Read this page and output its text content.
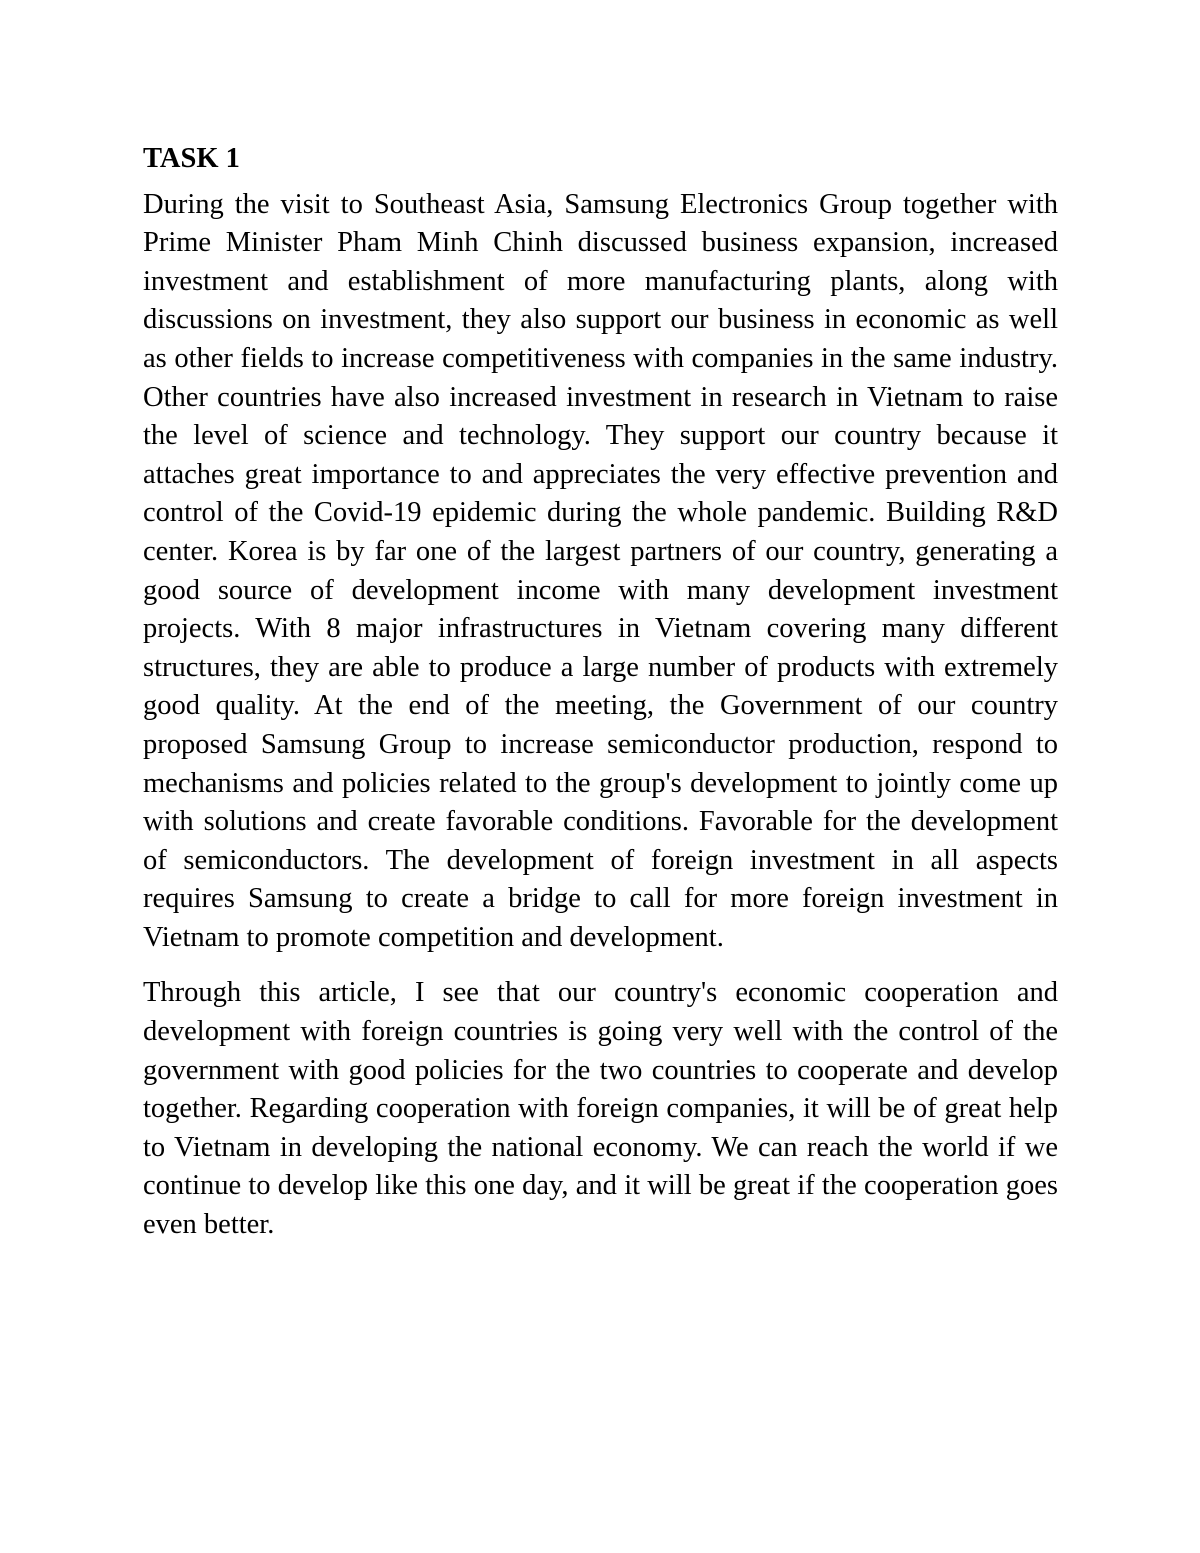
TASK 1

During the visit to Southeast Asia, Samsung Electronics Group together with Prime Minister Pham Minh Chinh discussed business expansion, increased investment and establishment of more manufacturing plants, along with discussions on investment, they also support our business in economic as well as other fields to increase competitiveness with companies in the same industry. Other countries have also increased investment in research in Vietnam to raise the level of science and technology. They support our country because it attaches great importance to and appreciates the very effective prevention and control of the Covid-19 epidemic during the whole pandemic. Building R&D center. Korea is by far one of the largest partners of our country, generating a good source of development income with many development investment projects. With 8 major infrastructures in Vietnam covering many different structures, they are able to produce a large number of products with extremely good quality. At the end of the meeting, the Government of our country proposed Samsung Group to increase semiconductor production, respond to mechanisms and policies related to the group's development to jointly come up with solutions and create favorable conditions. Favorable for the development of semiconductors. The development of foreign investment in all aspects requires Samsung to create a bridge to call for more foreign investment in Vietnam to promote competition and development.

Through this article, I see that our country's economic cooperation and development with foreign countries is going very well with the control of the government with good policies for the two countries to cooperate and develop together. Regarding cooperation with foreign companies, it will be of great help to Vietnam in developing the national economy. We can reach the world if we continue to develop like this one day, and it will be great if the cooperation goes even better.
